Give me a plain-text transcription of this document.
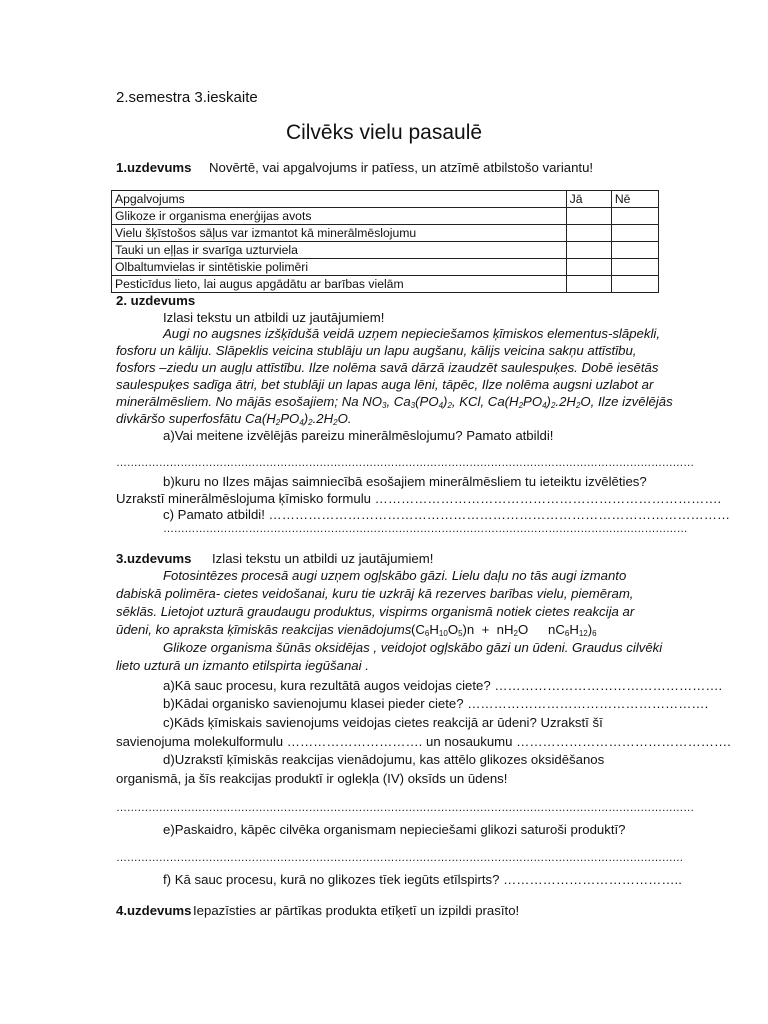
2.semestra 3.ieskaite
Cilvēks vielu pasaulē
1.uzdevums Novērtē, vai apgalvojums ir patīess, un atzīmē atbilstošo variantu!
Apgalvojums	Jā	Nē
Glikoze ir organisma enerģijas avots		
Vielu šķīstošos sāļus var izmantot kā minerālmēslojumu		
Tauki un eļļas ir svarīga uzturviela		
Olbaltumvielas ir sintētiskie polimēri		
Pesticīdus lieto, lai augus apgādātu ar barības vielām		
2. uzdevums
Izlasi tekstu un atbildi uz jautājumiem!
Augi no augsnes izšķīdušā veidā uzņem nepieciešamos ķīmiskos elementus-slāpekli,
fosforu un kāliju. Slāpeklis veicina stublāju un lapu augšanu, kālijs veicina sakņu attīstību,
fosfors –ziedu un augļu attīstību. Ilze nolēma savā dārzā izaudzēt saulespuķes. Dobē iesētās
saulespuķes sadīga ātri, bet stublāji un lapas auga lēni, tāpēc, Ilze nolēma augsni uzlabot ar
minerālmēsliem. No mājās esošajiem; Na $NO_3$, $Ca_3(PO_4)_2$, KCl, $Ca(H_2PO_4)_2.2H_2O$, Ilze izvēlējās
divkāršo superfosfātu $Ca(H_2PO_4)_2.2H_2O$.
a)Vai meitene izvēlējās pareizu minerālmēslojumu? Pamato atbildi!
………………………………………………………………………………………………………………………………………………
b)kuru no Ilzes mājas saimniecībā esošajiem minerālmēsliem tu ieteiktu izvēlēties?
Uzrakstī minerālmēslojuma ķīmisko formulu …………………………………………………………………….
c) Pamato atbildi! ……………………………………………………………………………………………
…………………………………………………………………………………………………………………………………
3.uzdevums Izlasi tekstu un atbildi uz jautājumiem!
Fotosintēzes procesā augi uzņem ogļskābo gāzi. Lielu daļu no tās augi izmanto
dabiskā polimēra- cietes veidošanai, kuru tie uzkrāj kā rezerves barības vielu, piemēram,
sēklās. Lietojot uzturā graudaugu produktus, vispirms organismā notiek cietes reakcija ar
ūdeni, ko apraksta ķīmiskās reakcijas vienādojums $(C_6H_{10}O_5)n + nH_2O$ $nC_6H_{12})_6$
Glikoze organisma šūnās oksidējas , veidojot ogļskābo gāzi un ūdeni. Graudus cilvēki
lieto uzturā un izmanto etilspirta iegūšanai .
a)Kā sauc procesu, kura rezultātā augos veidojas ciete? …………………………………………….
b)Kādai organisko savienojumu klasei pieder ciete? ……………………………………………….
c)Kāds ķīmiskais savienojums veidojas cietes reakcijā ar ūdeni? Uzrakstī šī
savienojuma molekulformulu …………………………. un nosaukumu ………………………………………….
d)Uzrakstī ķīmiskās reakcijas vienādojumu, kas attēlo glikozes oksidēšanos
organismā, ja šīs reakcijas produktī ir oglekļa (IV) oksīds un ūdens!
………………………………………………………………………………………………………………………………………………
e)Paskaidro, kāpēc cilvēka organismam nepieciešami glikozi saturoši produktī?
……………………………………………………………………………………………………………………………………………
f) Kā sauc procesu, kurā no glikozes tīek iegūts etīlspirts? …………………………………..
4.uzdevums Iepazīsties ar pārtīkas produkta etīķetī un izpildi prasīto!
